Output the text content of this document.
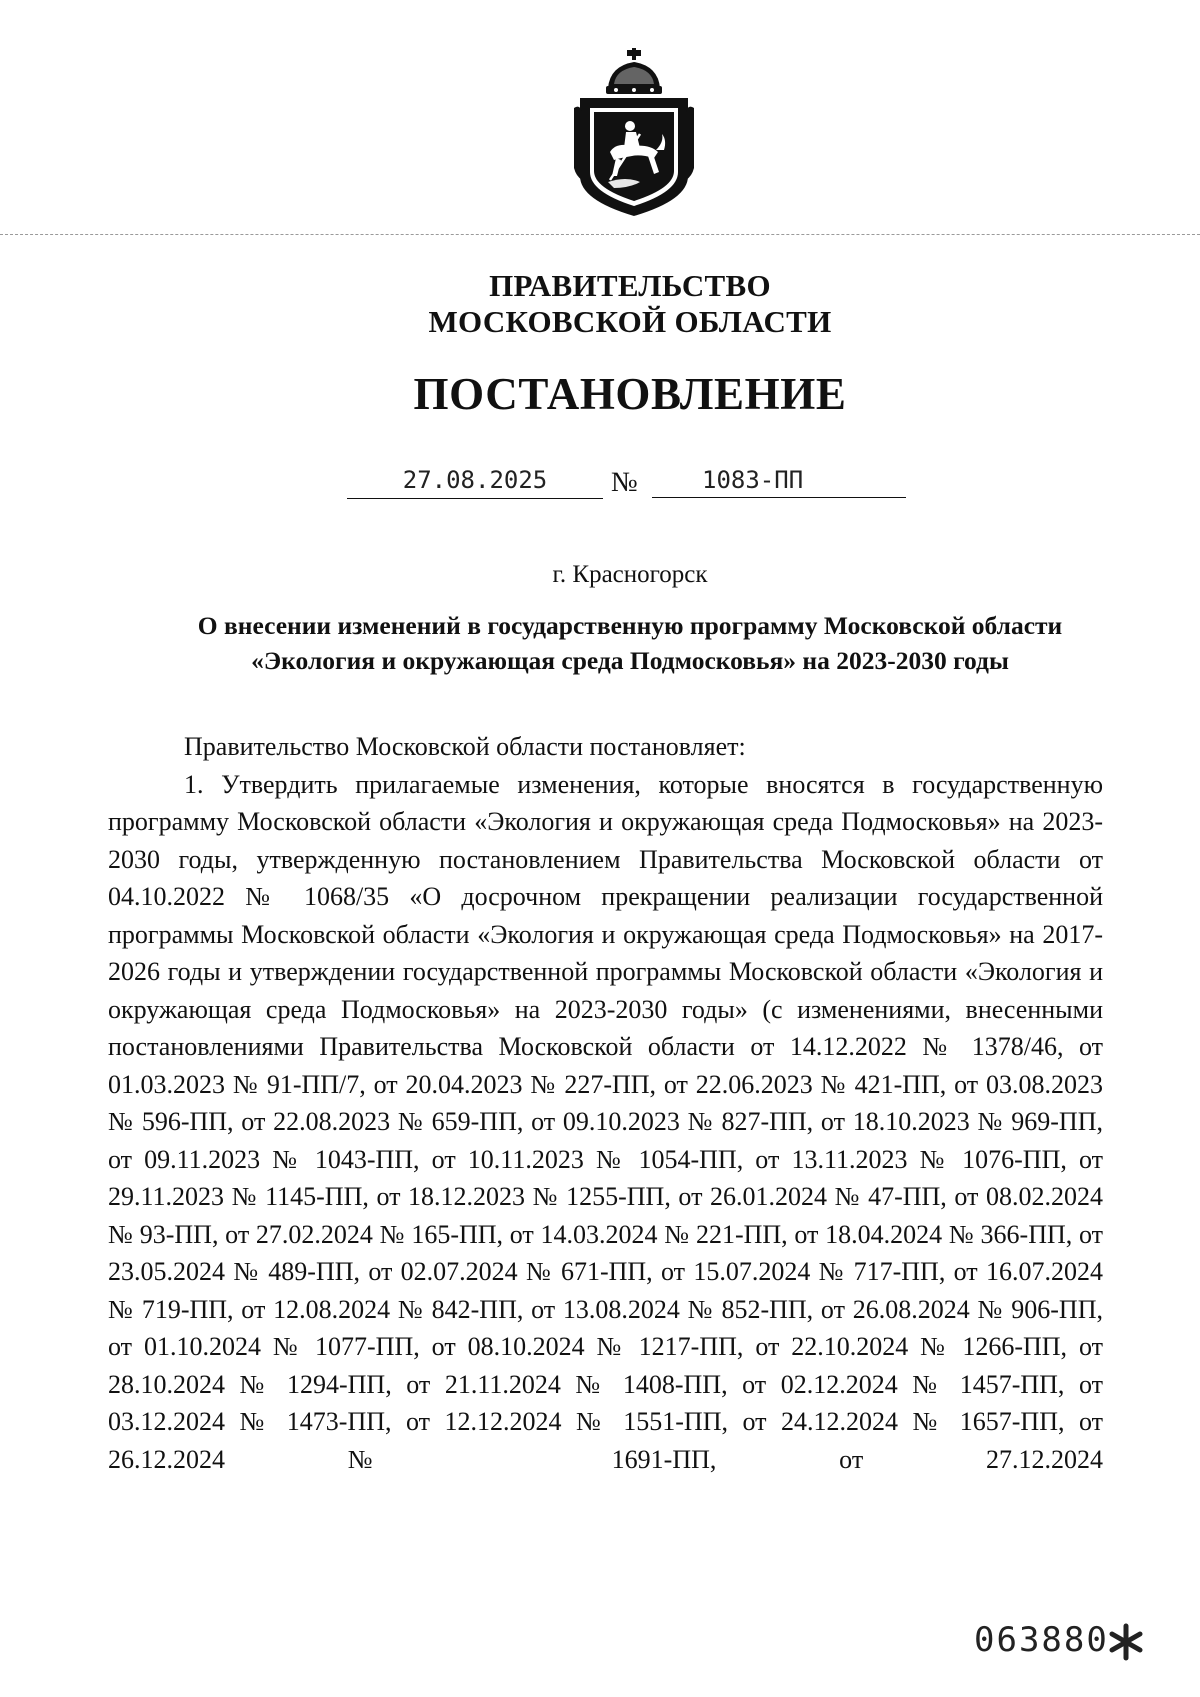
ПРАВИТЕЛЬСТВО
МОСКОВСКОЙ ОБЛАСТИ
ПОСТАНОВЛЕНИЕ
27.08.2025	№	1083-ПП
г. Красногорск
О внесении изменений в государственную программу Московской области
«Экология и окружающая среда Подмосковья» на 2023-2030 годы

Правительство Московской области постановляет:

1. Утвердить прилагаемые изменения, которые вносятся в государственную программу Московской области «Экология и окружающая среда Подмосковья» на 2023-2030 годы, утвержденную постановлением Правительства Московской области от 04.10.2022 № 1068/35 «О досрочном прекращении реализации государственной программы Московской области «Экология и окружающая среда Подмосковья» на 2017-2026 годы и утверждении государственной программы Московской области «Экология и окружающая среда Подмосковья» на 2023-2030 годы» (с изменениями, внесенными постановлениями Правительства Московской области от 14.12.2022 № 1378/46, от 01.03.2023 № 91-ПП/7, от 20.04.2023 № 227-ПП, от 22.06.2023 № 421-ПП, от 03.08.2023 № 596-ПП, от 22.08.2023 № 659-ПП, от 09.10.2023 № 827-ПП, от 18.10.2023 № 969-ПП, от 09.11.2023 № 1043-ПП, от 10.11.2023 № 1054-ПП, от 13.11.2023 № 1076-ПП, от 29.11.2023 № 1145-ПП, от 18.12.2023 № 1255-ПП, от 26.01.2024 № 47-ПП, от 08.02.2024 № 93-ПП, от 27.02.2024 № 165-ПП, от 14.03.2024 № 221-ПП, от 18.04.2024 № 366-ПП, от 23.05.2024 № 489-ПП, от 02.07.2024 № 671-ПП, от 15.07.2024 № 717-ПП, от 16.07.2024 № 719-ПП, от 12.08.2024 № 842-ПП, от 13.08.2024 № 852-ПП, от 26.08.2024 № 906-ПП, от 01.10.2024 № 1077-ПП, от 08.10.2024 № 1217-ПП, от 22.10.2024 № 1266-ПП, от 28.10.2024 № 1294-ПП, от 21.11.2024 № 1408-ПП, от 02.12.2024 № 1457-ПП, от 03.12.2024 № 1473-ПП, от 12.12.2024 № 1551-ПП, от 24.12.2024 № 1657-ПП, от 26.12.2024 № 1691-ПП, от 27.12.2024

063880
